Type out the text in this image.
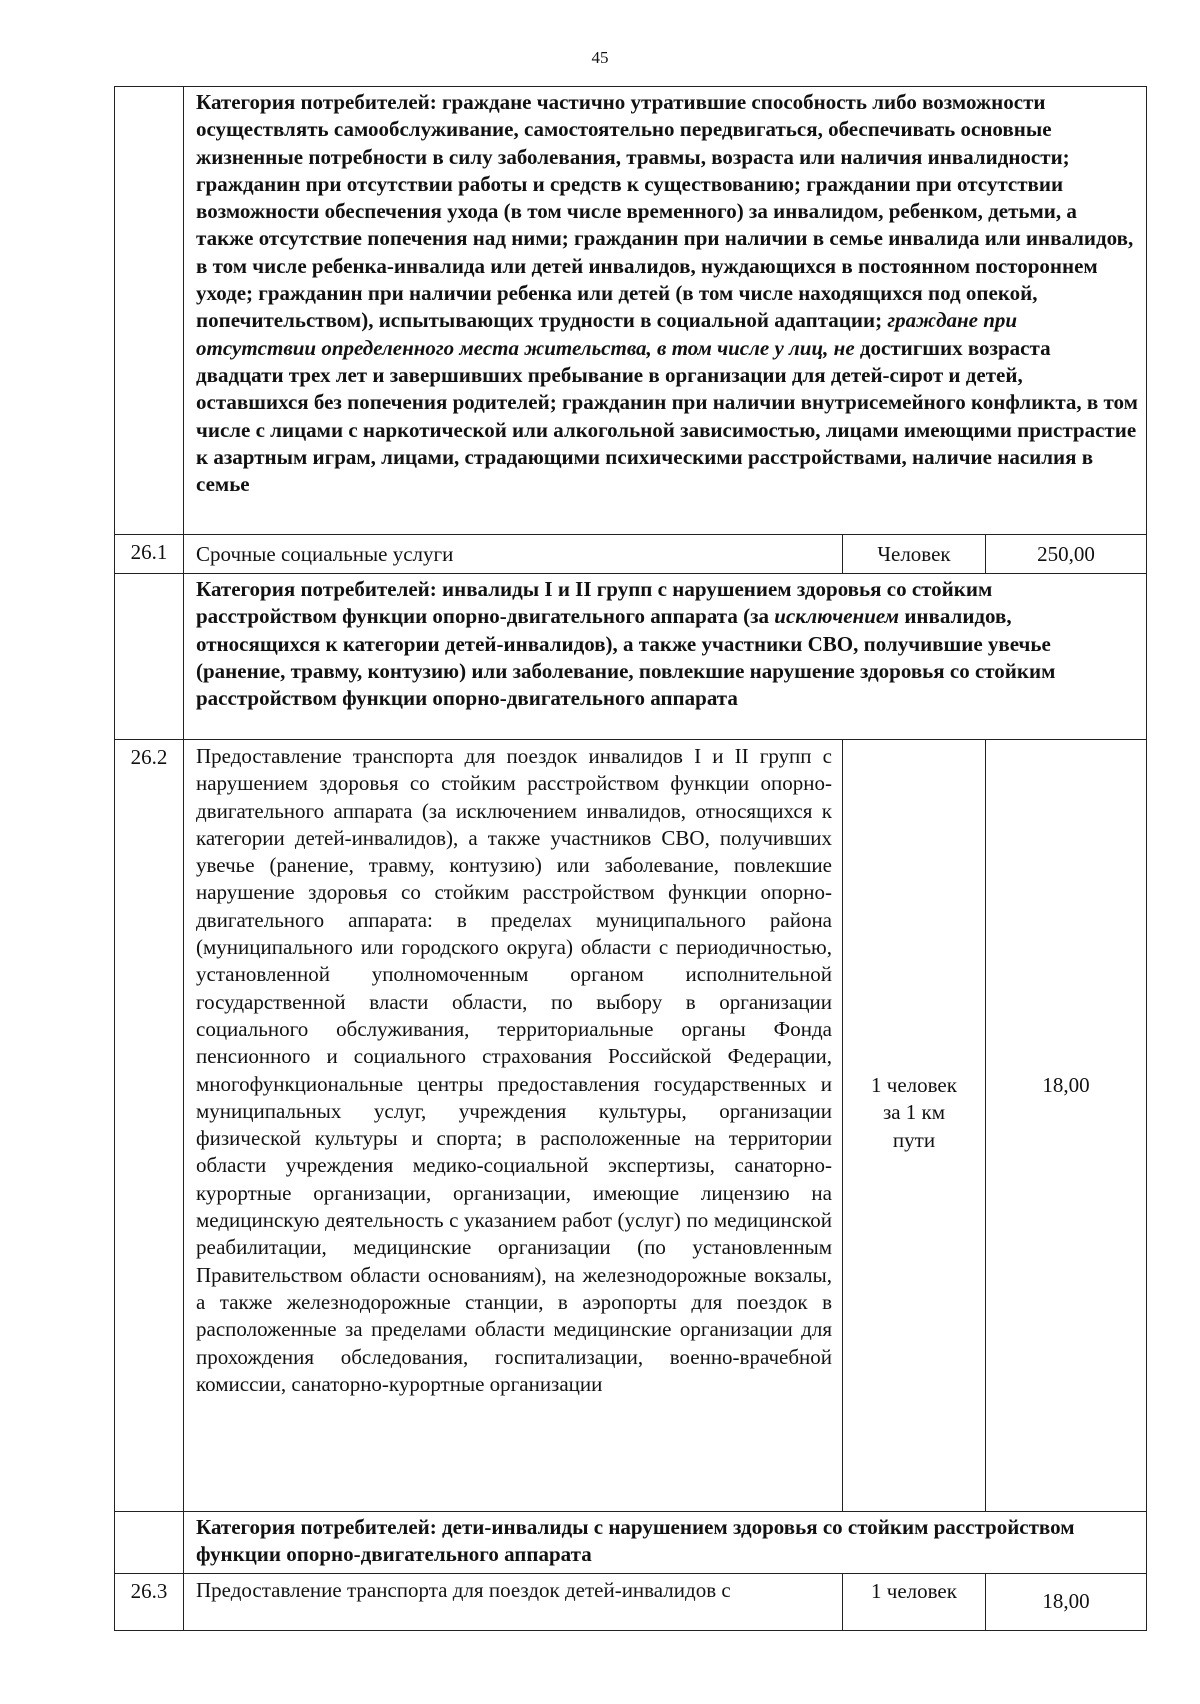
45
	Категория потребителей: граждане частично утратившие способность либо возможности осуществлять самообслуживание, самостоятельно передвигаться, обеспечивать основные жизненные потребности в силу заболевания, травмы, возраста или наличия инвалидности; гражданин при отсутствии работы и средств к существованию; граждании при отсутствии возможности обеспечения ухода (в том числе временного) за инвалидом, ребенком, детьми, а также отсутствие попечения над ними; гражданин при наличии в семье инвалида или инвалидов, в том числе ребенка-инвалида или детей инвалидов, нуждающихся в постоянном постороннем уходе; гражданин при наличии ребенка или детей (в том числе находящихся под опекой, попечительством), испытывающих трудности в социальной адаптации; граждане при отсутствии определенного места жительства, в том числе у лиц, не достигших возраста двадцати трех лет и завершивших пребывание в организации для детей-сирот и детей, оставшихся без попечения родителей; гражданин при наличии внутрисемейного конфликта, в том числе с лицами с наркотической или алкогольной зависимостью, лицами имеющими пристрастие к азартным играм, лицами, страдающими психическими расстройствами, наличие насилия в семье		
26.1	Срочные социальные услуги	Человек	250,00
	Категория потребителей: инвалиды I и II групп с нарушением здоровья со стойким расстройством функции опорно-двигательного аппарата (за исключением инвалидов, относящихся к категории детей-инвалидов), а также участники СВО, получившие увечье (ранение, травму, контузию) или заболевание, повлекшие нарушение здоровья со стойким расстройством функции опорно-двигательного аппарата		
26.2	Предоставление транспорта для поездок инвалидов I и II групп с нарушением здоровья со стойким расстройством функции опорно-двигательного аппарата (за исключением инвалидов, относящихся к категории детей-инвалидов), а также участников СВО, получивших увечье (ранение, травму, контузию) или заболевание, повлекшие нарушение здоровья со стойким расстройством функции опорно-двигательного аппарата: в пределах муниципального района (муниципального или городского округа) области с периодичностью, установленной уполномоченным органом исполнительной государственной власти области, по выбору в организации социального обслуживания, территориальные органы Фонда пенсионного и социального страхования Российской Федерации, многофункциональные центры предоставления государственных и муниципальных услуг, учреждения культуры, организации физической культуры и спорта; в расположенные на территории области учреждения медико-социальной экспертизы, санаторно-курортные организации, организации, имеющие лицензию на медицинскую деятельность с указанием работ (услуг) по медицинской реабилитации, медицинские организации (по установленным Правительством области основаниям), на железнодорожные вокзалы, а также железнодорожные станции, в аэропорты для поездок в расположенные за пределами области медицинские организации для прохождения обследования, госпитализации, военно-врачебной комиссии, санаторно-курортные организации	1 человек за 1 км пути	18,00
	Категория потребителей: дети-инвалиды с нарушением здоровья со стойким расстройством функции опорно-двигательного аппарата		
26.3	Предоставление транспорта для поездок детей-инвалидов с	1 человек	18,00
